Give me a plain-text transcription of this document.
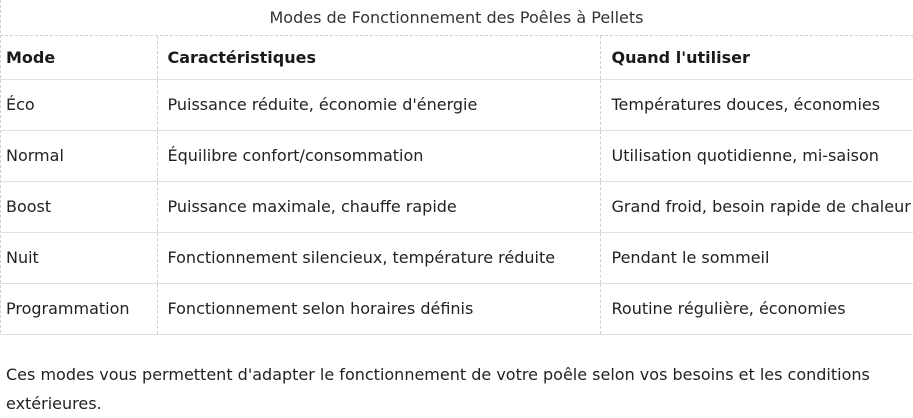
Modes de Fonctionnement des Poêles à Pellets
Mode	Caractéristiques	Quand l'utiliser
Éco	Puissance réduite, économie d'énergie	Températures douces, économies
Normal	Équilibre confort/consommation	Utilisation quotidienne, mi-saison
Boost	Puissance maximale, chauffe rapide	Grand froid, besoin rapide de chaleur
Nuit	Fonctionnement silencieux, température réduite	Pendant le sommeil
Programmation	Fonctionnement selon horaires définis	Routine régulière, économies

Ces modes vous permettent d'adapter le fonctionnement de votre poêle selon vos besoins et les conditions extérieures.
